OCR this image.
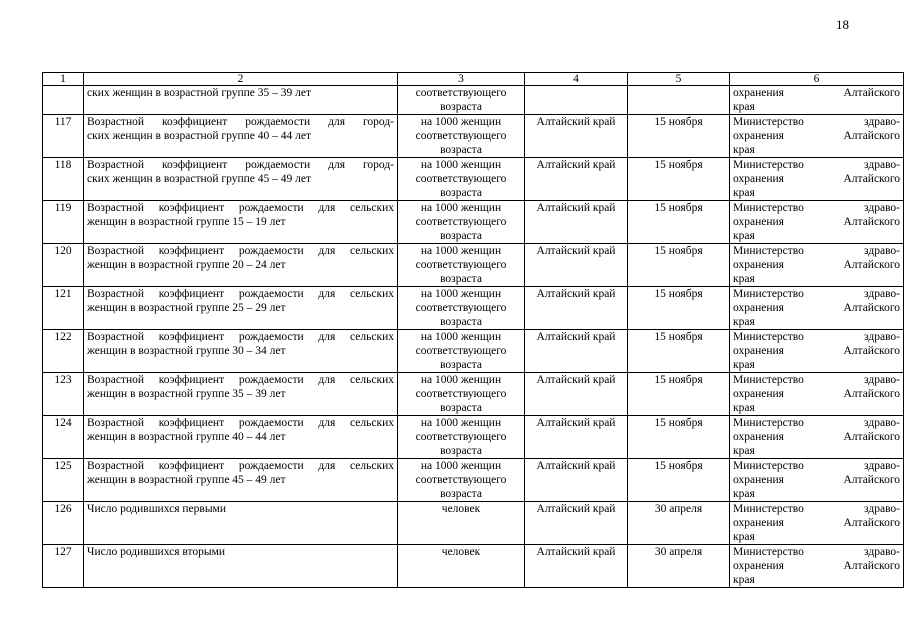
18
1	2	3	4	5	6

	ских женщин в возрастной группе 35 – 39 лет	соответствующего возраста			охранения Алтайского
края

117	Возрастной коэффициент рождаемости для город-
ских женщин в возрастной группе 40 – 44 лет	на 1000 женщин
соответствующего
возраста	Алтайский край	15 ноября	Министерство здраво-
охранения Алтайского
края

118	Возрастной коэффициент рождаемости для город-
ских женщин в возрастной группе 45 – 49 лет	на 1000 женщин
соответствующего
возраста	Алтайский край	15 ноября	Министерство здраво-
охранения Алтайского
края

119	Возрастной коэффициент рождаемости для сельских
женщин в возрастной группе 15 – 19 лет	на 1000 женщин
соответствующего
возраста	Алтайский край	15 ноября	Министерство здраво-
охранения Алтайского
края

120	Возрастной коэффициент рождаемости для сельских
женщин в возрастной группе 20 – 24 лет	на 1000 женщин
соответствующего
возраста	Алтайский край	15 ноября	Министерство здраво-
охранения Алтайского
края

121	Возрастной коэффициент рождаемости для сельских
женщин в возрастной группе 25 – 29 лет	на 1000 женщин
соответствующего
возраста	Алтайский край	15 ноября	Министерство здраво-
охранения Алтайского
края

122	Возрастной коэффициент рождаемости для сельских
женщин в возрастной группе 30 – 34 лет	на 1000 женщин
соответствующего
возраста	Алтайский край	15 ноября	Министерство здраво-
охранения Алтайского
края

123	Возрастной коэффициент рождаемости для сельских
женщин в возрастной группе 35 – 39 лет	на 1000 женщин
соответствующего
возраста	Алтайский край	15 ноября	Министерство здраво-
охранения Алтайского
края

124	Возрастной коэффициент рождаемости для сельских
женщин в возрастной группе 40 – 44 лет	на 1000 женщин
соответствующего
возраста	Алтайский край	15 ноября	Министерство здраво-
охранения Алтайского
края

125	Возрастной коэффициент рождаемости для сельских
женщин в возрастной группе 45 – 49 лет	на 1000 женщин
соответствующего
возраста	Алтайский край	15 ноября	Министерство здраво-
охранения Алтайского
края

126	Число родившихся первыми	человек	Алтайский край	30 апреля	Министерство здраво-
охранения Алтайского
края

127	Число родившихся вторыми	человек	Алтайский край	30 апреля	Министерство здраво-
охранения Алтайского
края
